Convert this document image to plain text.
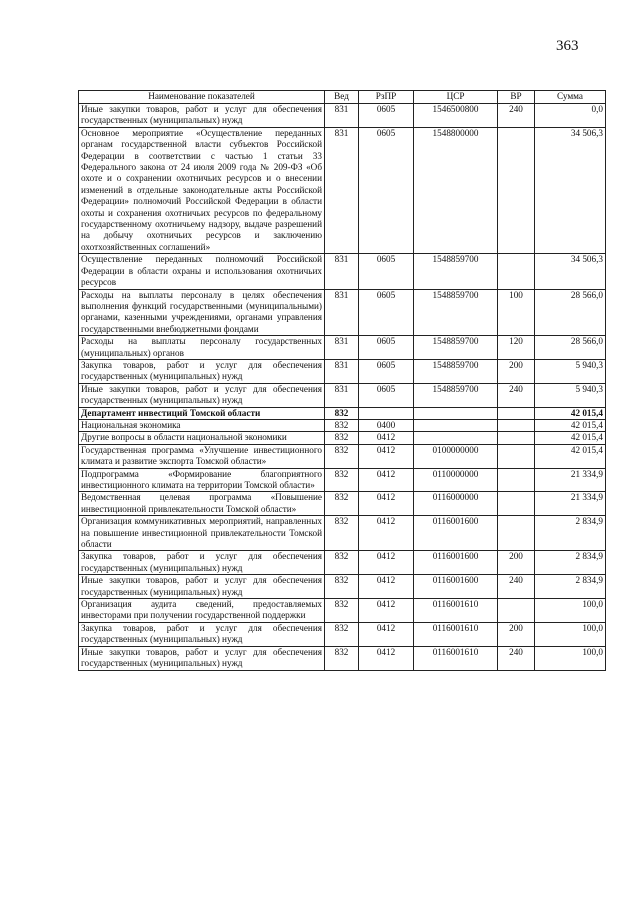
363
Наименование показателей	Вед	РзПР	ЦСР	ВР	Сумма
Иные закупки товаров, работ и услуг для обеспечения государственных (муниципальных) нужд	831	0605	1546500800	240	0,0
Основное мероприятие «Осуществление переданных органам государственной власти субъектов Российской Федерации в соответствии с частью 1 статьи 33 Федерального закона от 24 июля 2009 года № 209-ФЗ «Об охоте и о сохранении охотничьих ресурсов и о внесении изменений в отдельные законодательные акты Российской Федерации» полномочий Российской Федерации в области охоты и сохранения охотничьих ресурсов по федеральному государственному охотничьему надзору, выдаче разрешений на добычу охотничьих ресурсов и заключению охотхозяйственных соглашений»	831	0605	1548800000		34 506,3
Осуществление переданных полномочий Российской Федерации в области охраны и использования охотничьих ресурсов	831	0605	1548859700		34 506,3
Расходы на выплаты персоналу в целях обеспечения выполнения функций государственными (муниципальными) органами, казенными учреждениями, органами управления государственными внебюджетными фондами	831	0605	1548859700	100	28 566,0
Расходы на выплаты персоналу государственных (муниципальных) органов	831	0605	1548859700	120	28 566,0
Закупка товаров, работ и услуг для обеспечения государственных (муниципальных) нужд	831	0605	1548859700	200	5 940,3
Иные закупки товаров, работ и услуг для обеспечения государственных (муниципальных) нужд	831	0605	1548859700	240	5 940,3
Департамент инвестиций Томской области	832				42 015,4
Национальная экономика	832	0400			42 015,4
Другие вопросы в области национальной экономики	832	0412			42 015,4
Государственная программа «Улучшение инвестиционного климата и развитие экспорта Томской области»	832	0412	0100000000		42 015,4
Подпрограмма «Формирование благоприятного инвестиционного климата на территории Томской области»	832	0412	0110000000		21 334,9
Ведомственная целевая программа «Повышение инвестиционной привлекательности Томской области»	832	0412	0116000000		21 334,9
Организация коммуникативных мероприятий, направленных на повышение инвестиционной привлекательности Томской области	832	0412	0116001600		2 834,9
Закупка товаров, работ и услуг для обеспечения государственных (муниципальных) нужд	832	0412	0116001600	200	2 834,9
Иные закупки товаров, работ и услуг для обеспечения государственных (муниципальных) нужд	832	0412	0116001600	240	2 834,9
Организация аудита сведений, предоставляемых инвесторами при получении государственной поддержки	832	0412	0116001610		100,0
Закупка товаров, работ и услуг для обеспечения государственных (муниципальных) нужд	832	0412	0116001610	200	100,0
Иные закупки товаров, работ и услуг для обеспечения государственных (муниципальных) нужд	832	0412	0116001610	240	100,0
